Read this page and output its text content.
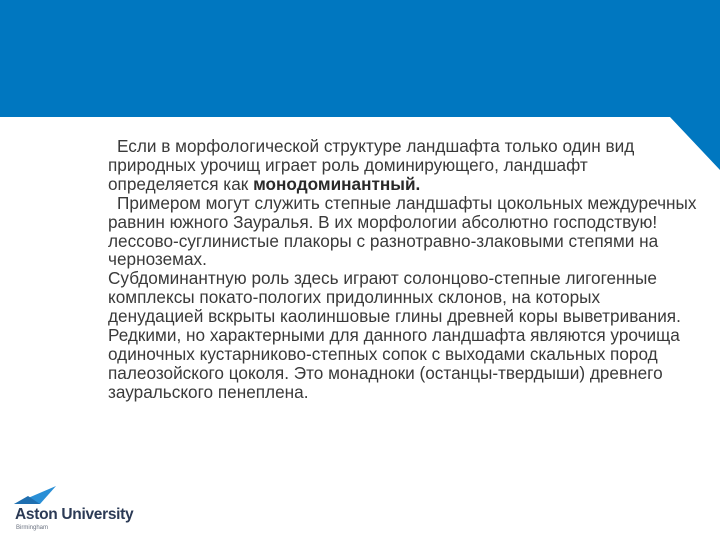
Если в морфологической структуре ландшафта только один вид природных урочищ играет роль доминирующего, ландшафт определяется как монодоминантный.

Примером могут служить степные ландшафты цокольных междуречных равнин южного Зауралья. В их морфологии абсолютно господствую! лессово-суглинистые плакоры с разнотравно-злаковыми степями на черноземах.

Субдоминантную роль здесь играют солонцово-степные лигогенные комплексы покато-пологих придолинных склонов, на которых денудацией вскрыты каолиншовые глины древней коры выветривания. Редкими, но характерными для данного ландшафта являются урочища одиночных кустарниково-степных сопок с выходами скальных пород палеозойского цоколя. Это монадноки (останцы-твердыши) древнего зауральского пенеплена.

Aston University
Birmingham
